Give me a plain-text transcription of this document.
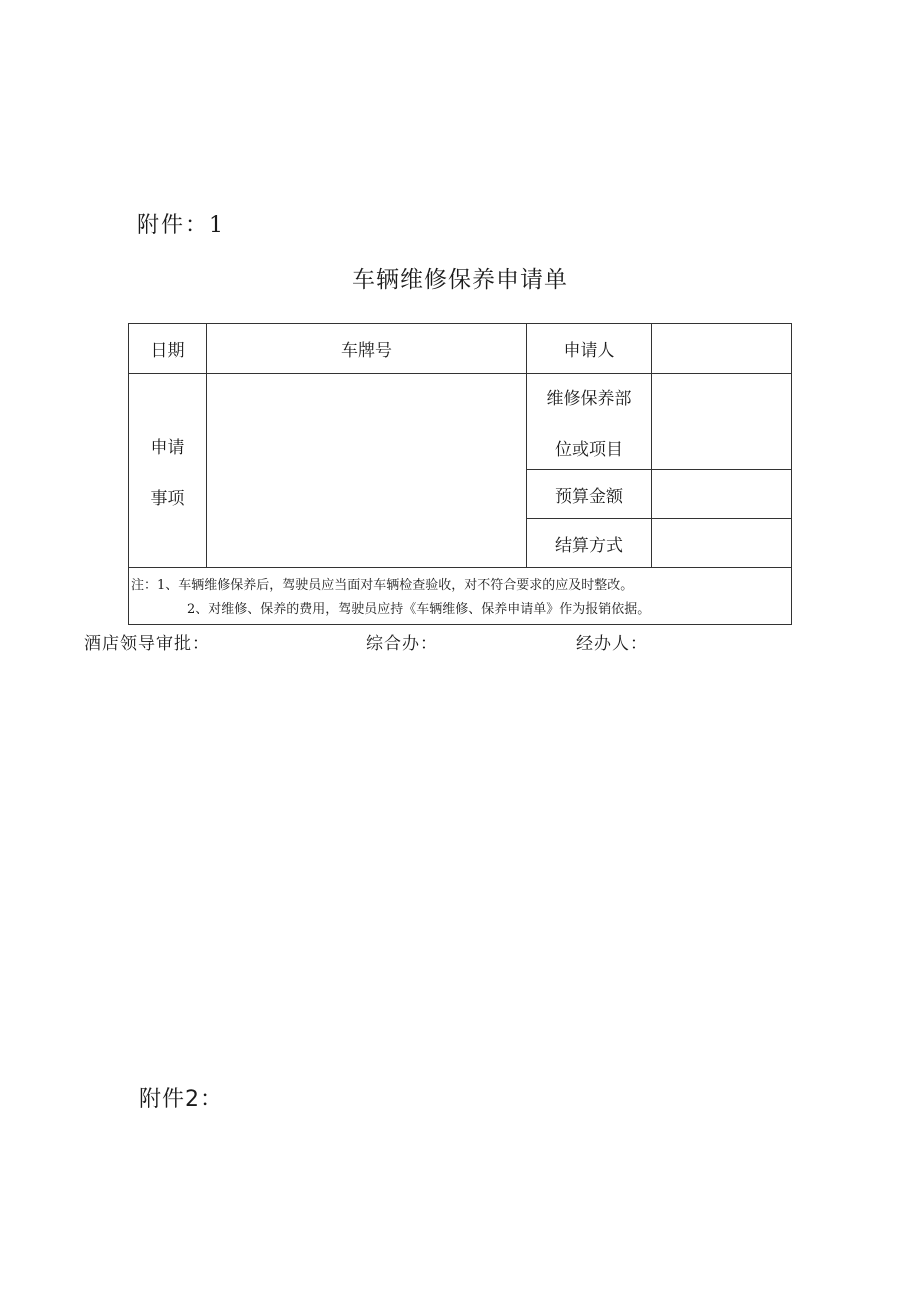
附件：1
车辆维修保养申请单
日期	车牌号	申请人	

申请
事项		维修保养部
位或项目	

		预算金额	
		结算方式	

注：1、车辆维修保养后，驾驶员应当面对车辆检查验收，对不符合要求的应及时整改。
2、对维修、保养的费用，驾驶员应持《车辆维修、保养申请单》作为报销依据。			
酒店领导审批：	综合办：	经办人：
附件2：
